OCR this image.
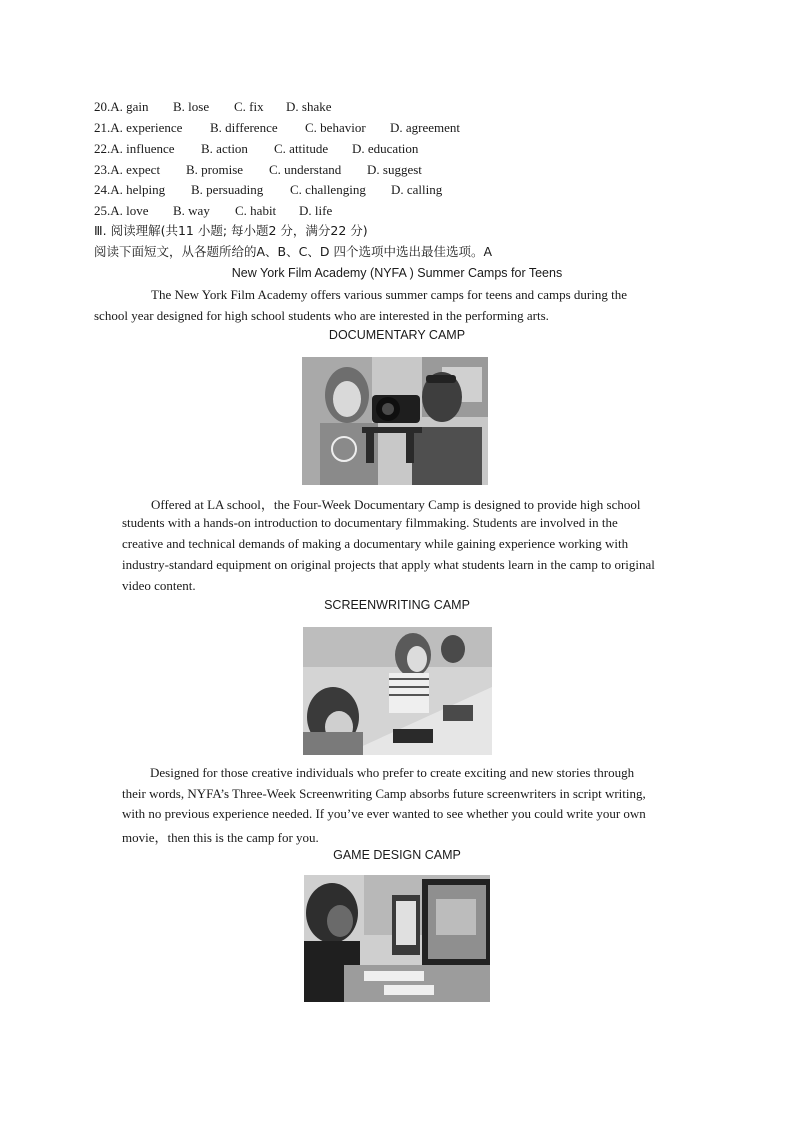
20.A. gain

B. lose

C. fix

D. shake

21.A. experience

B. difference

C. behavior

D. agreement

22.A. influence

B. action

C. attitude

D. education

23.A. expect

B. promise

C. understand

D. suggest

24.A. helping

B. persuading

C. challenging

D. calling

25.A. love

B. way

C. habit

D. life

Ⅲ. 阅读理解(共11 小题; 每小题2 分，满分22 分)
阅读下面短文，从各题所给的A、B、C、D 四个选项中选出最佳选项。A
New York Film Academy (NYFA ) Summer Camps for Teens
The New York Film Academy offers various summer camps for teens and camps during the
school year designed for high school students who are interested in the performing arts.
DOCUMENTARY CAMP
Offered at LA school，the Four-Week Documentary Camp is designed to provide high school
students with a hands-on introduction to documentary filmmaking. Students are involved in the
creative and technical demands of making a documentary while gaining experience working with
industry-standard equipment on original projects that apply what students learn in the camp to original
video content.
SCREENWRITING CAMP
Designed for those creative individuals who prefer to create exciting and new stories through
their words, NYFA’s Three-Week Screenwriting Camp absorbs future screenwriters in script writing,
with no previous experience needed. If you’ve ever wanted to see whether you could write your own
movie，then this is the camp for you.
GAME DESIGN CAMP
